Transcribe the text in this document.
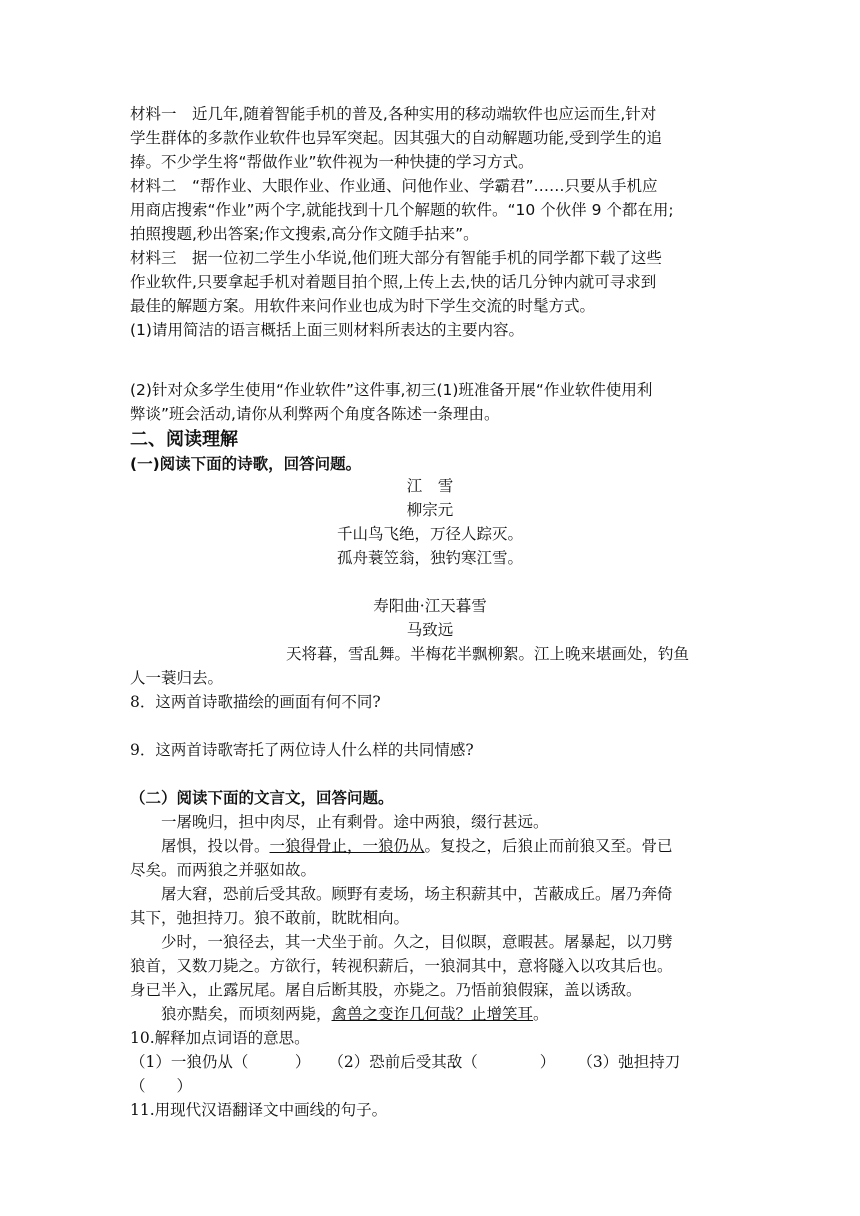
材料一　近几年,随着智能手机的普及,各种实用的移动端软件也应运而生,针对
学生群体的多款作业软件也异军突起。因其强大的自动解题功能,受到学生的追
捧。不少学生将“帮做作业”软件视为一种快捷的学习方式。
材料二　“帮作业、大眼作业、作业通、问他作业、学霸君”……只要从手机应
用商店搜索“作业”两个字,就能找到十几个解题的软件。“10 个伙伴 9 个都在用;
拍照搜题,秒出答案;作文搜索,高分作文随手拈来”。
材料三　据一位初二学生小华说,他们班大部分有智能手机的同学都下载了这些
作业软件,只要拿起手机对着题目拍个照,上传上去,快的话几分钟内就可寻求到
最佳的解题方案。用软件来问作业也成为时下学生交流的时髦方式。
(1)请用简洁的语言概括上面三则材料所表达的主要内容。
(2)针对众多学生使用“作业软件”这件事,初三(1)班准备开展“作业软件使用利
弊谈”班会活动,请你从利弊两个角度各陈述一条理由。
二、阅读理解
(一)阅读下面的诗歌，回答问题。
江　雪
柳宗元
千山鸟飞绝，万径人踪灭。
孤舟蓑笠翁，独钓寒江雪。
寿阳曲·江天暮雪
马致远
天将暮，雪乱舞。半梅花半飘柳絮。江上晚来堪画处，钓鱼
人一蓑归去。
8．这两首诗歌描绘的画面有何不同?
9．这两首诗歌寄托了两位诗人什么样的共同情感?
（二）阅读下面的文言文，回答问题。
一屠晚归，担中肉尽，止有剩骨。途中两狼，缀行甚远。
屠惧，投以骨。一狼得骨止，一狼仍从。复投之，后狼止而前狼又至。骨已
尽矣。而两狼之并驱如故。
屠大窘，恐前后受其敌。顾野有麦场，场主积薪其中，苫蔽成丘。屠乃奔倚
其下，弛担持刀。狼不敢前，眈眈相向。
少时，一狼径去，其一犬坐于前。久之，目似瞑，意暇甚。屠暴起，以刀劈
狼首，又数刀毙之。方欲行，转视积薪后，一狼洞其中，意将隧入以攻其后也。
身已半入，止露尻尾。屠自后断其股，亦毙之。乃悟前狼假寐，盖以诱敌。
狼亦黠矣，而顷刻两毙，禽兽之变诈几何哉？止增笑耳。
10.解释加点词语的意思。
（1）一狼仍从（　　　） （2）恐前后受其敌（　　　　） （3）弛担持刀
（　　）
11.用现代汉语翻译文中画线的句子。
